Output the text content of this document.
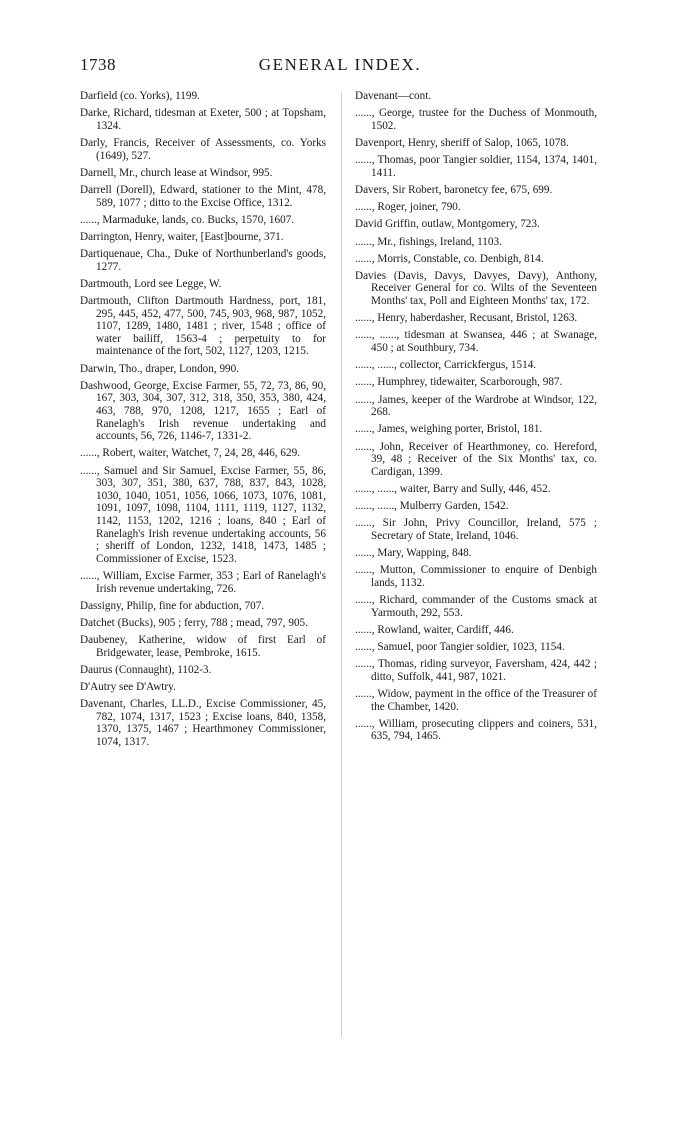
1738	GENERAL INDEX.

Darfield (co. Yorks), 1199.

Darke, Richard, tidesman at Exeter, 500 ; at Topsham, 1324.

Darly, Francis, Receiver of Assessments, co. Yorks (1649), 527.

Darnell, Mr., church lease at Windsor, 995.

Darrell (Dorell), Edward, stationer to the Mint, 478, 589, 1077 ; ditto to the Excise Office, 1312.

......, Marmaduke, lands, co. Bucks, 1570, 1607.

Darrington, Henry, waiter, [East]bourne, 371.

Dartiquenaue, Cha., Duke of Northunberland's goods, 1277.

Dartmouth, Lord see Legge, W.

Dartmouth, Clifton Dartmouth Hardness, port, 181, 295, 445, 452, 477, 500, 745, 903, 968, 987, 1052, 1107, 1289, 1480, 1481 ; river, 1548 ; office of water bailiff, 1563-4 ; perpetuity to for maintenance of the fort, 502, 1127, 1203, 1215.

Darwin, Tho., draper, London, 990.

Dashwood, George, Excise Farmer, 55, 72, 73, 86, 90, 167, 303, 304, 307, 312, 318, 350, 353, 380, 424, 463, 788, 970, 1208, 1217, 1655 ; Earl of Ranelagh's Irish revenue undertaking and accounts, 56, 726, 1146-7, 1331-2.

......, Robert, waiter, Watchet, 7, 24, 28, 446, 629.

......, Samuel and Sir Samuel, Excise Farmer, 55, 86, 303, 307, 351, 380, 637, 788, 837, 843, 1028, 1030, 1040, 1051, 1056, 1066, 1073, 1076, 1081, 1091, 1097, 1098, 1104, 1111, 1119, 1127, 1132, 1142, 1153, 1202, 1216 ; loans, 840 ; Earl of Ranelagh's Irish revenue undertaking accounts, 56 ; sheriff of London, 1232, 1418, 1473, 1485 ; Commissioner of Excise, 1523.

......, William, Excise Farmer, 353 ; Earl of Ranelagh's Irish revenue undertaking, 726.

Dassigny, Philip, fine for abduction, 707.

Datchet (Bucks), 905 ; ferry, 788 ; mead, 797, 905.

Daubeney, Katherine, widow of first Earl of Bridgewater, lease, Pembroke, 1615.

Daurus (Connaught), 1102-3.

D'Autry see D'Awtry.

Davenant, Charles, LL.D., Excise Commissioner, 45, 782, 1074, 1317, 1523 ; Excise loans, 840, 1358, 1370, 1375, 1467 ; Hearthmoney Commissioner, 1074, 1317.

Davenant—cont.

......, George, trustee for the Duchess of Monmouth, 1502.

Davenport, Henry, sheriff of Salop, 1065, 1078.

......, Thomas, poor Tangier soldier, 1154, 1374, 1401, 1411.

Davers, Sir Robert, baronetcy fee, 675, 699.

......, Roger, joiner, 790.

David Griffin, outlaw, Montgomery, 723.

......, Mr., fishings, Ireland, 1103.

......, Morris, Constable, co. Denbigh, 814.

Davies (Davis, Davys, Davyes, Davy), Anthony, Receiver General for co. Wilts of the Seventeen Months' tax, Poll and Eighteen Months' tax, 172.

......, Henry, haberdasher, Recusant, Bristol, 1263.

......, ......, tidesman at Swansea, 446 ; at Swanage, 450 ; at Southbury, 734.

......, ......, collector, Carrickfergus, 1514.

......, Humphrey, tidewaiter, Scarborough, 987.

......, James, keeper of the Wardrobe at Windsor, 122, 268.

......, James, weighing porter, Bristol, 181.

......, John, Receiver of Hearthmoney, co. Hereford, 39, 48 ; Receiver of the Six Months' tax, co. Cardigan, 1399.

......, ......, waiter, Barry and Sully, 446, 452.

......, ......, Mulberry Garden, 1542.

......, Sir John, Privy Councillor, Ireland, 575 ; Secretary of State, Ireland, 1046.

......, Mary, Wapping, 848.

......, Mutton, Commissioner to enquire of Denbigh lands, 1132.

......, Richard, commander of the Customs smack at Yarmouth, 292, 553.

......, Rowland, waiter, Cardiff, 446.

......, Samuel, poor Tangier soldier, 1023, 1154.

......, Thomas, riding surveyor, Faversham, 424, 442 ; ditto, Suffolk, 441, 987, 1021.

......, Widow, payment in the office of the Treasurer of the Chamber, 1420.

......, William, prosecuting clippers and coiners, 531, 635, 794, 1465.
